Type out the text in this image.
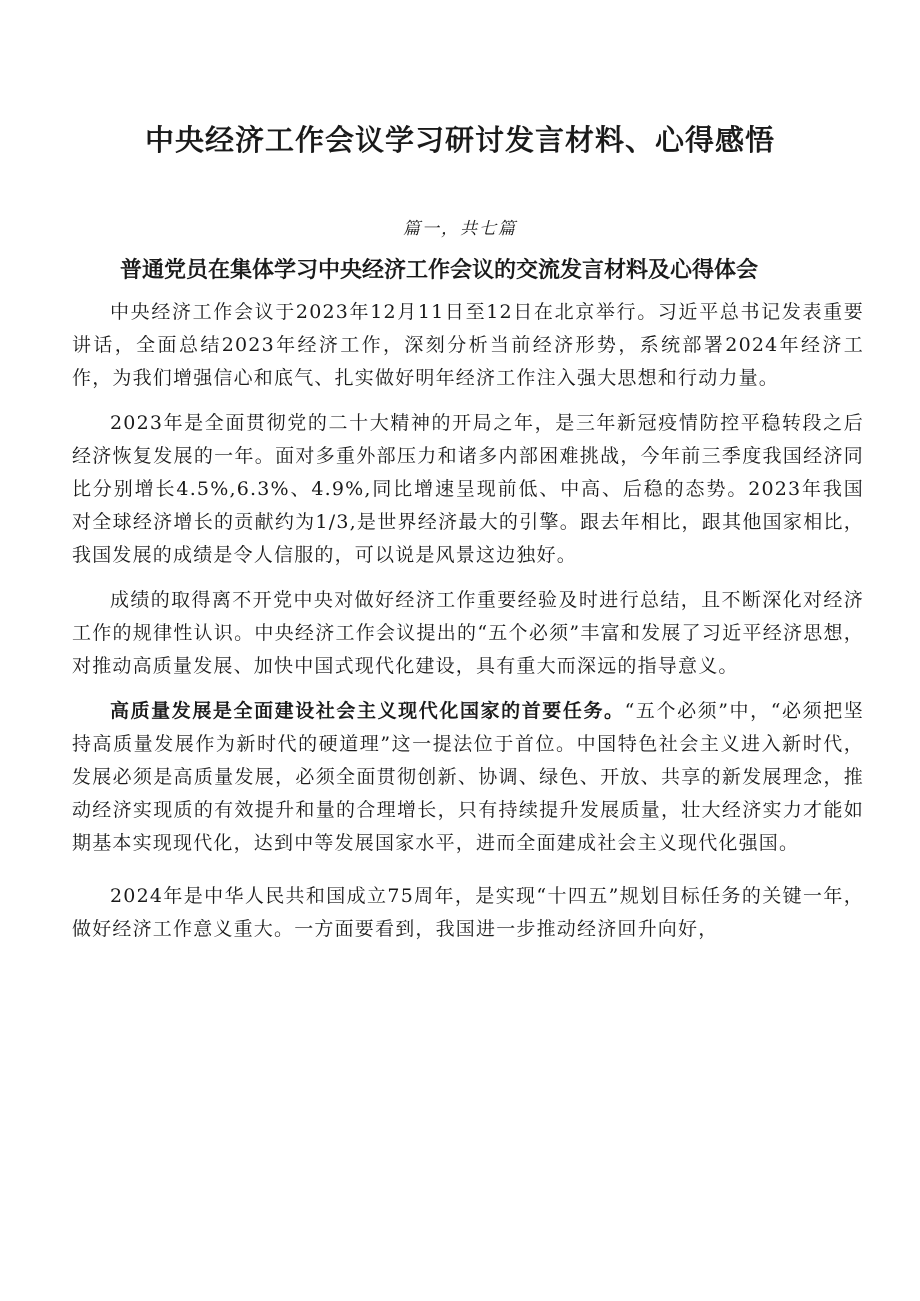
中央经济工作会议学习研讨发言材料、心得感悟
篇一，共七篇
普通党员在集体学习中央经济工作会议的交流发言材料及心得体会

中央经济工作会议于2023年12月11日至12日在北京举行。习近平总书记发表重要讲话，全面总结2023年经济工作，深刻分析当前经济形势，系统部署2024年经济工作，为我们增强信心和底气、扎实做好明年经济工作注入强大思想和行动力量。

2023年是全面贯彻党的二十大精神的开局之年，是三年新冠疫情防控平稳转段之后经济恢复发展的一年。面对多重外部压力和诸多内部困难挑战，今年前三季度我国经济同比分别增长4.5%,6.3%、4.9%,同比增速呈现前低、中高、后稳的态势。2023年我国对全球经济增长的贡献约为1/3,是世界经济最大的引擎。跟去年相比，跟其他国家相比，我国发展的成绩是令人信服的，可以说是风景这边独好。

成绩的取得离不开党中央对做好经济工作重要经验及时进行总结，且不断深化对经济工作的规律性认识。中央经济工作会议提出的“五个必须”丰富和发展了习近平经济思想，对推动高质量发展、加快中国式现代化建设，具有重大而深远的指导意义。

高质量发展是全面建设社会主义现代化国家的首要任务。“五个必须”中，“必须把坚持高质量发展作为新时代的硬道理”这一提法位于首位。中国特色社会主义进入新时代，发展必须是高质量发展，必须全面贯彻创新、协调、绿色、开放、共享的新发展理念，推动经济实现质的有效提升和量的合理增长，只有持续提升发展质量，壮大经济实力才能如期基本实现现代化，达到中等发展国家水平，进而全面建成社会主义现代化强国。

2024年是中华人民共和国成立75周年，是实现“十四五”规划目标任务的关键一年，做好经济工作意义重大。一方面要看到，我国进一步推动经济回升向好，
